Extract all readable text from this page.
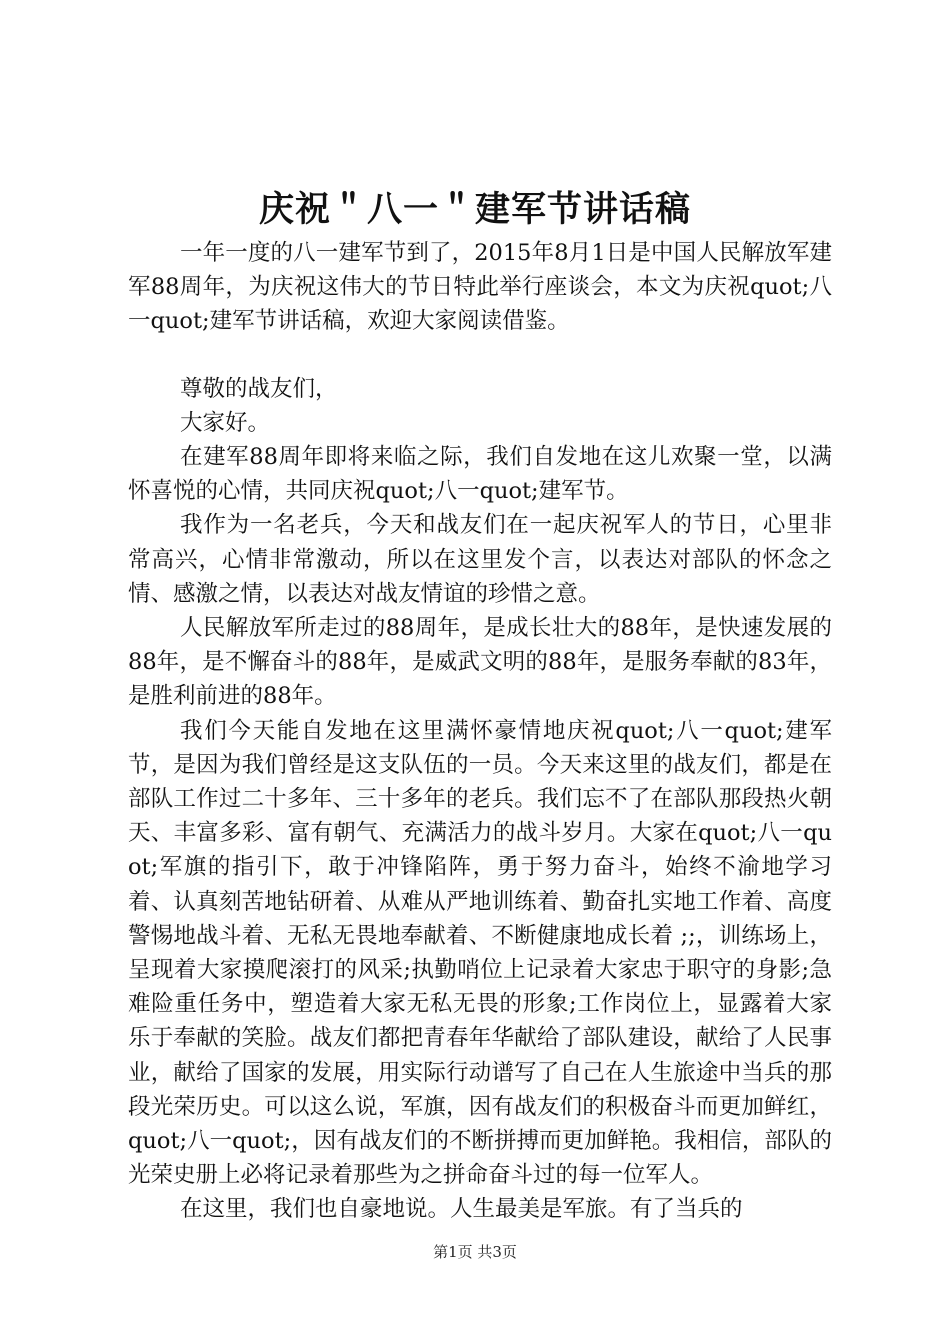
庆祝＂八一＂建军节讲话稿

一年一度的八一建军节到了，2015年8月1日是中国人民解放军建军88周年，为庆祝这伟大的节日特此举行座谈会，本文为庆祝quot;八一quot;建军节讲话稿，欢迎大家阅读借鉴。

尊敬的战友们，

大家好。

在建军88周年即将来临之际，我们自发地在这儿欢聚一堂，以满怀喜悦的心情，共同庆祝quot;八一quot;建军节。

我作为一名老兵，今天和战友们在一起庆祝军人的节日，心里非常高兴，心情非常激动，所以在这里发个言，以表达对部队的怀念之情、感激之情，以表达对战友情谊的珍惜之意。

人民解放军所走过的88周年，是成长壮大的88年，是快速发展的88年，是不懈奋斗的88年，是威武文明的88年，是服务奉献的83年，是胜利前进的88年。

我们今天能自发地在这里满怀豪情地庆祝quot;八一quot;建军节，是因为我们曾经是这支队伍的一员。今天来这里的战友们，都是在部队工作过二十多年、三十多年的老兵。我们忘不了在部队那段热火朝天、丰富多彩、富有朝气、充满活力的战斗岁月。大家在quot;八一quot;军旗的指引下，敢于冲锋陷阵，勇于努力奋斗，始终不渝地学习着、认真刻苦地钻研着、从难从严地训练着、勤奋扎实地工作着、高度警惕地战斗着、无私无畏地奉献着、不断健康地成长着 ;;，训练场上，呈现着大家摸爬滚打的风采;执勤哨位上记录着大家忠于职守的身影;急难险重任务中，塑造着大家无私无畏的形象;工作岗位上，显露着大家乐于奉献的笑脸。战友们都把青春年华献给了部队建设，献给了人民事业，献给了国家的发展，用实际行动谱写了自己在人生旅途中当兵的那段光荣历史。可以这么说，军旗，因有战友们的积极奋斗而更加鲜红，quot;八一quot;，因有战友们的不断拼搏而更加鲜艳。我相信，部队的光荣史册上必将记录着那些为之拼命奋斗过的每一位军人。

在这里，我们也自豪地说。人生最美是军旅。有了当兵的

第1页 共3页
